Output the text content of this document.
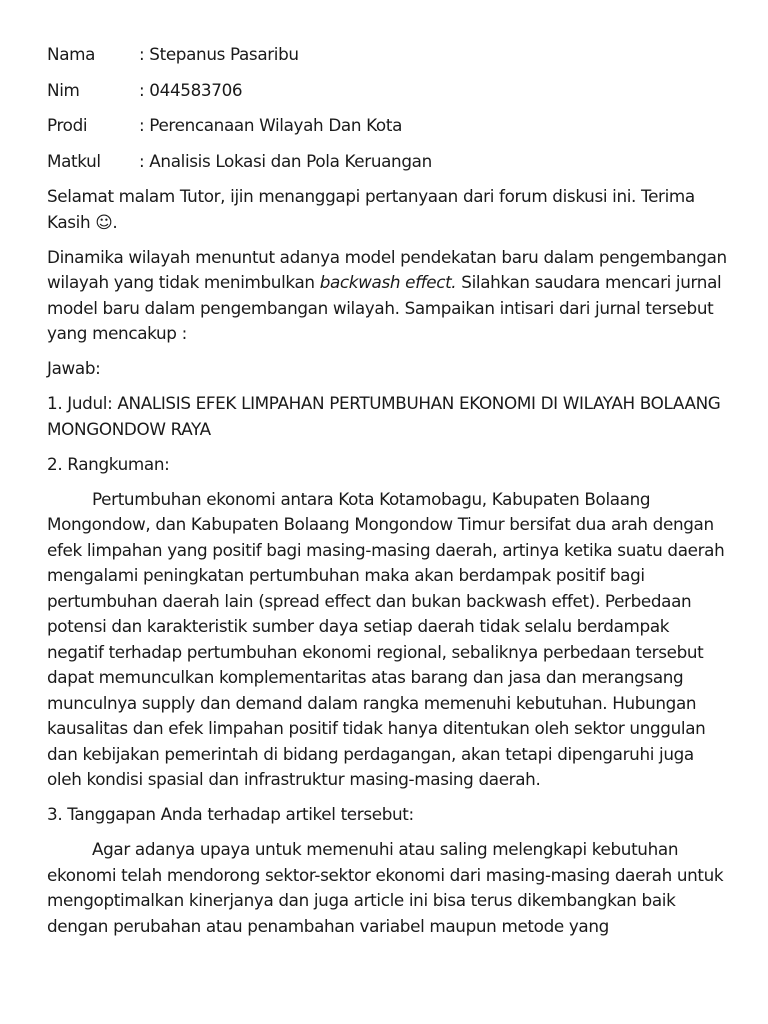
Nama	: Stepanus Pasaribu
Nim	: 044583706
Prodi	: Perencanaan Wilayah Dan Kota
Matkul	: Analisis Lokasi dan Pola Keruangan

Selamat malam Tutor, ijin menanggapi pertanyaan dari forum diskusi ini. Terima Kasih ☺.

Dinamika wilayah menuntut adanya model pendekatan baru dalam pengembangan wilayah yang tidak menimbulkan backwash effect. Silahkan saudara mencari jurnal model baru dalam pengembangan wilayah. Sampaikan intisari dari jurnal tersebut yang mencakup :

Jawab:

1. Judul: ANALISIS EFEK LIMPAHAN PERTUMBUHAN EKONOMI DI WILAYAH BOLAANG MONGONDOW RAYA

2. Rangkuman:

Pertumbuhan ekonomi antara Kota Kotamobagu, Kabupaten Bolaang Mongondow, dan Kabupaten Bolaang Mongondow Timur bersifat dua arah dengan efek limpahan yang positif bagi masing-masing daerah, artinya ketika suatu daerah mengalami peningkatan pertumbuhan maka akan berdampak positif bagi pertumbuhan daerah lain (spread effect dan bukan backwash effet). Perbedaan potensi dan karakteristik sumber daya setiap daerah tidak selalu berdampak negatif terhadap pertumbuhan ekonomi regional, sebaliknya perbedaan tersebut dapat memunculkan komplementaritas atas barang dan jasa dan merangsang munculnya supply dan demand dalam rangka memenuhi kebutuhan. Hubungan kausalitas dan efek limpahan positif tidak hanya ditentukan oleh sektor unggulan dan kebijakan pemerintah di bidang perdagangan, akan tetapi dipengaruhi juga oleh kondisi spasial dan infrastruktur masing-masing daerah.

3. Tanggapan Anda terhadap artikel tersebut:

Agar adanya upaya untuk memenuhi atau saling melengkapi kebutuhan ekonomi telah mendorong sektor-sektor ekonomi dari masing-masing daerah untuk mengoptimalkan kinerjanya dan juga article ini bisa terus dikembangkan baik dengan perubahan atau penambahan variabel maupun metode yang
